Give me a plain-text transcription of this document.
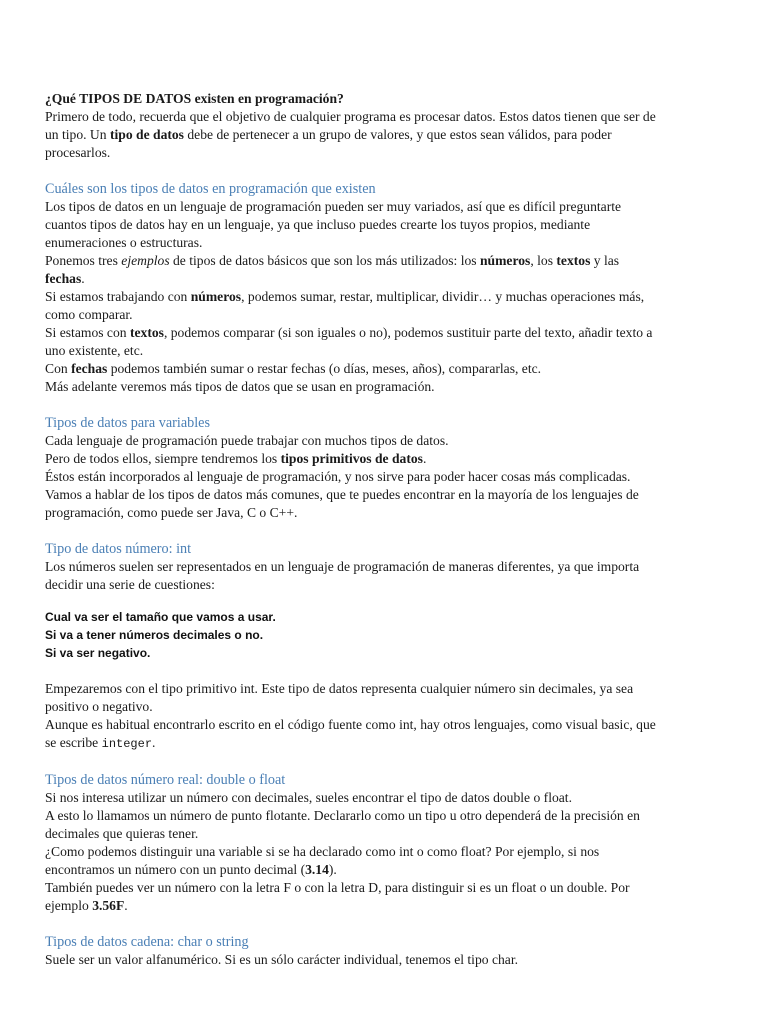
¿Qué TIPOS DE DATOS existen en programación?
Primero de todo, recuerda que el objetivo de cualquier programa es procesar datos. Estos datos tienen que ser de
un tipo. Un tipo de datos debe de pertenecer a un grupo de valores, y que estos sean válidos, para poder
procesarlos.
Cuáles son los tipos de datos en programación que existen
Los tipos de datos en un lenguaje de programación pueden ser muy variados, así que es difícil preguntarte
cuantos tipos de datos hay en un lenguaje, ya que incluso puedes crearte los tuyos propios, mediante
enumeraciones o estructuras.
Ponemos tres ejemplos de tipos de datos básicos que son los más utilizados: los números, los textos y las
fechas.
Si estamos trabajando con números, podemos sumar, restar, multiplicar, dividir… y muchas operaciones más,
como comparar.
Si estamos con textos, podemos comparar (si son iguales o no), podemos sustituir parte del texto, añadir texto a
uno existente, etc.
Con fechas podemos también sumar o restar fechas (o días, meses, años), compararlas, etc.
Más adelante veremos más tipos de datos que se usan en programación.
Tipos de datos para variables
Cada lenguaje de programación puede trabajar con muchos tipos de datos.
Pero de todos ellos, siempre tendremos los tipos primitivos de datos.
Éstos están incorporados al lenguaje de programación, y nos sirve para poder hacer cosas más complicadas.
Vamos a hablar de los tipos de datos más comunes, que te puedes encontrar en la mayoría de los lenguajes de
programación, como puede ser Java, C o C++.
Tipo de datos número: int
Los números suelen ser representados en un lenguaje de programación de maneras diferentes, ya que importa
decidir una serie de cuestiones:
Cual va ser el tamaño que vamos a usar.
Si va a tener números decimales o no.
Si va ser negativo.
Empezaremos con el tipo primitivo int. Este tipo de datos representa cualquier número sin decimales, ya sea
positivo o negativo.
Aunque es habitual encontrarlo escrito en el código fuente como int, hay otros lenguajes, como visual basic, que
se escribe integer.
Tipos de datos número real: double o float
Si nos interesa utilizar un número con decimales, sueles encontrar el tipo de datos double o float.
A esto lo llamamos un número de punto flotante. Declararlo como un tipo u otro dependerá de la precisión en
decimales que quieras tener.
¿Como podemos distinguir una variable si se ha declarado como int o como float? Por ejemplo, si nos
encontramos un número con un punto decimal (3.14).
También puedes ver un número con la letra F o con la letra D, para distinguir si es un float o un double. Por
ejemplo 3.56F.
Tipos de datos cadena: char o string
Suele ser un valor alfanumérico. Si es un sólo carácter individual, tenemos el tipo char.
